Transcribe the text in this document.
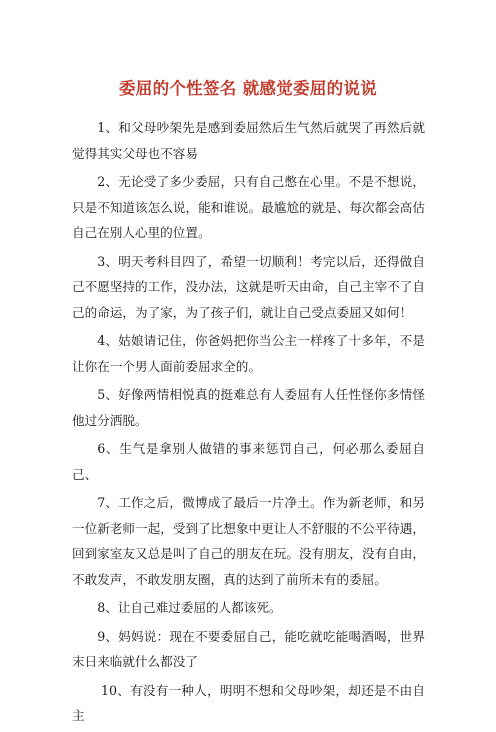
委屈的个性签名 就感觉委屈的说说

1、和父母吵架先是感到委屈然后生气然后就哭了再然后就觉得其实父母也不容易

2、无论受了多少委屈，只有自己憋在心里。不是不想说，只是不知道该怎么说，能和谁说。最尴尬的就是、每次都会高估自己在别人心里的位置。

3、明天考科目四了，希望一切顺利！考完以后，还得做自己不愿坚持的工作，没办法，这就是听天由命，自己主宰不了自己的命运，为了家，为了孩子们，就让自己受点委屈又如何！

4、姑娘请记住，你爸妈把你当公主一样疼了十多年，不是让你在一个男人面前委屈求全的。

5、好像两情相悦真的挺难总有人委屈有人任性怪你多情怪他过分洒脱。

6、生气是拿别人做错的事来惩罚自己，何必那么委屈自己、

7、工作之后，微博成了最后一片净土。作为新老师，和另一位新老师一起，受到了比想象中更让人不舒服的不公平待遇，回到家室友又总是叫了自己的朋友在玩。没有朋友，没有自由，不敢发声，不敢发朋友圈，真的达到了前所未有的委屈。

8、让自己难过委屈的人都该死。

9、妈妈说：现在不要委屈自己，能吃就吃能喝酒喝，世界末日来临就什么都没了

10、有没有一种人，明明不想和父母吵架，却还是不由自主
